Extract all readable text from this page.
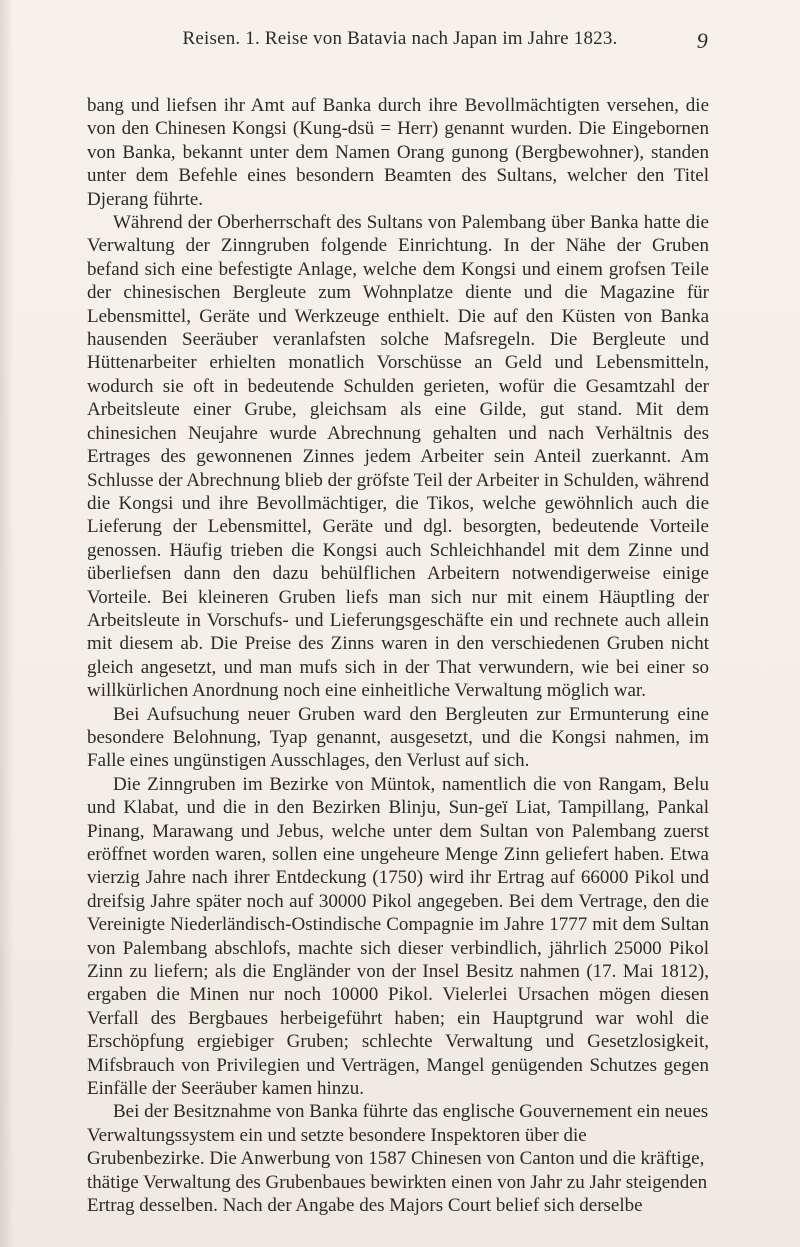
Reisen. 1. Reise von Batavia nach Japan im Jahre 1823.	9

bang und liefsen ihr Amt auf Banka durch ihre Bevollmächtigten versehen, die von den Chinesen Kongsi (Kung-dsü = Herr) genannt wurden. Die Eingebornen von Banka, bekannt unter dem Namen Orang gunong (Bergbewohner), standen unter dem Befehle eines besondern Beamten des Sultans, welcher den Titel Djerang führte.

Während der Oberherrschaft des Sultans von Palembang über Banka hatte die Verwaltung der Zinngruben folgende Einrichtung. In der Nähe der Gruben befand sich eine befestigte Anlage, welche dem Kongsi und einem grofsen Teile der chinesischen Bergleute zum Wohnplatze diente und die Magazine für Lebensmittel, Geräte und Werkzeuge enthielt. Die auf den Küsten von Banka hausenden Seeräuber veranlafsten solche Mafsregeln. Die Bergleute und Hüttenarbeiter erhielten monatlich Vorschüsse an Geld und Lebensmitteln, wodurch sie oft in bedeutende Schulden gerieten, wofür die Gesamtzahl der Arbeitsleute einer Grube, gleichsam als eine Gilde, gut stand. Mit dem chinesichen Neujahre wurde Abrechnung gehalten und nach Verhältnis des Ertrages des gewonnenen Zinnes jedem Arbeiter sein Anteil zuerkannt. Am Schlusse der Abrechnung blieb der gröfste Teil der Arbeiter in Schulden, während die Kongsi und ihre Bevollmächtiger, die Tikos, welche gewöhnlich auch die Lieferung der Lebensmittel, Geräte und dgl. besorgten, bedeutende Vorteile genossen. Häufig trieben die Kongsi auch Schleichhandel mit dem Zinne und überliefsen dann den dazu behülflichen Arbeitern notwendigerweise einige Vorteile. Bei kleineren Gruben liefs man sich nur mit einem Häuptling der Arbeitsleute in Vorschufs- und Lieferungsgeschäfte ein und rechnete auch allein mit diesem ab. Die Preise des Zinns waren in den verschiedenen Gruben nicht gleich angesetzt, und man mufs sich in der That verwundern, wie bei einer so willkürlichen Anordnung noch eine einheitliche Verwaltung möglich war.

Bei Aufsuchung neuer Gruben ward den Bergleuten zur Ermunterung eine besondere Belohnung, Tyap genannt, ausgesetzt, und die Kongsi nahmen, im Falle eines ungünstigen Ausschlages, den Verlust auf sich.

Die Zinngruben im Bezirke von Müntok, namentlich die von Rangam, Belu und Klabat, und die in den Bezirken Blinju, Sun-geï Liat, Tampillang, Pankal Pinang, Marawang und Jebus, welche unter dem Sultan von Palembang zuerst eröffnet worden waren, sollen eine ungeheure Menge Zinn geliefert haben. Etwa vierzig Jahre nach ihrer Entdeckung (1750) wird ihr Ertrag auf 66000 Pikol und dreifsig Jahre später noch auf 30000 Pikol angegeben. Bei dem Vertrage, den die Vereinigte Niederländisch-Ostindische Compagnie im Jahre 1777 mit dem Sultan von Palembang abschlofs, machte sich dieser verbindlich, jährlich 25000 Pikol Zinn zu liefern; als die Engländer von der Insel Besitz nahmen (17. Mai 1812), ergaben die Minen nur noch 10000 Pikol. Vielerlei Ursachen mögen diesen Verfall des Bergbaues herbeigeführt haben; ein Hauptgrund war wohl die Erschöpfung ergiebiger Gruben; schlechte Verwaltung und Gesetzlosigkeit, Mifsbrauch von Privilegien und Verträgen, Mangel genügenden Schutzes gegen Einfälle der Seeräuber kamen hinzu.

Bei der Besitznahme von Banka führte das englische Gouvernement ein neues Verwaltungssystem ein und setzte besondere Inspektoren über die Grubenbezirke. Die Anwerbung von 1587 Chinesen von Canton und die kräftige, thätige Verwaltung des Grubenbaues bewirkten einen von Jahr zu Jahr steigenden Ertrag desselben. Nach der Angabe des Majors Court belief sich derselbe
